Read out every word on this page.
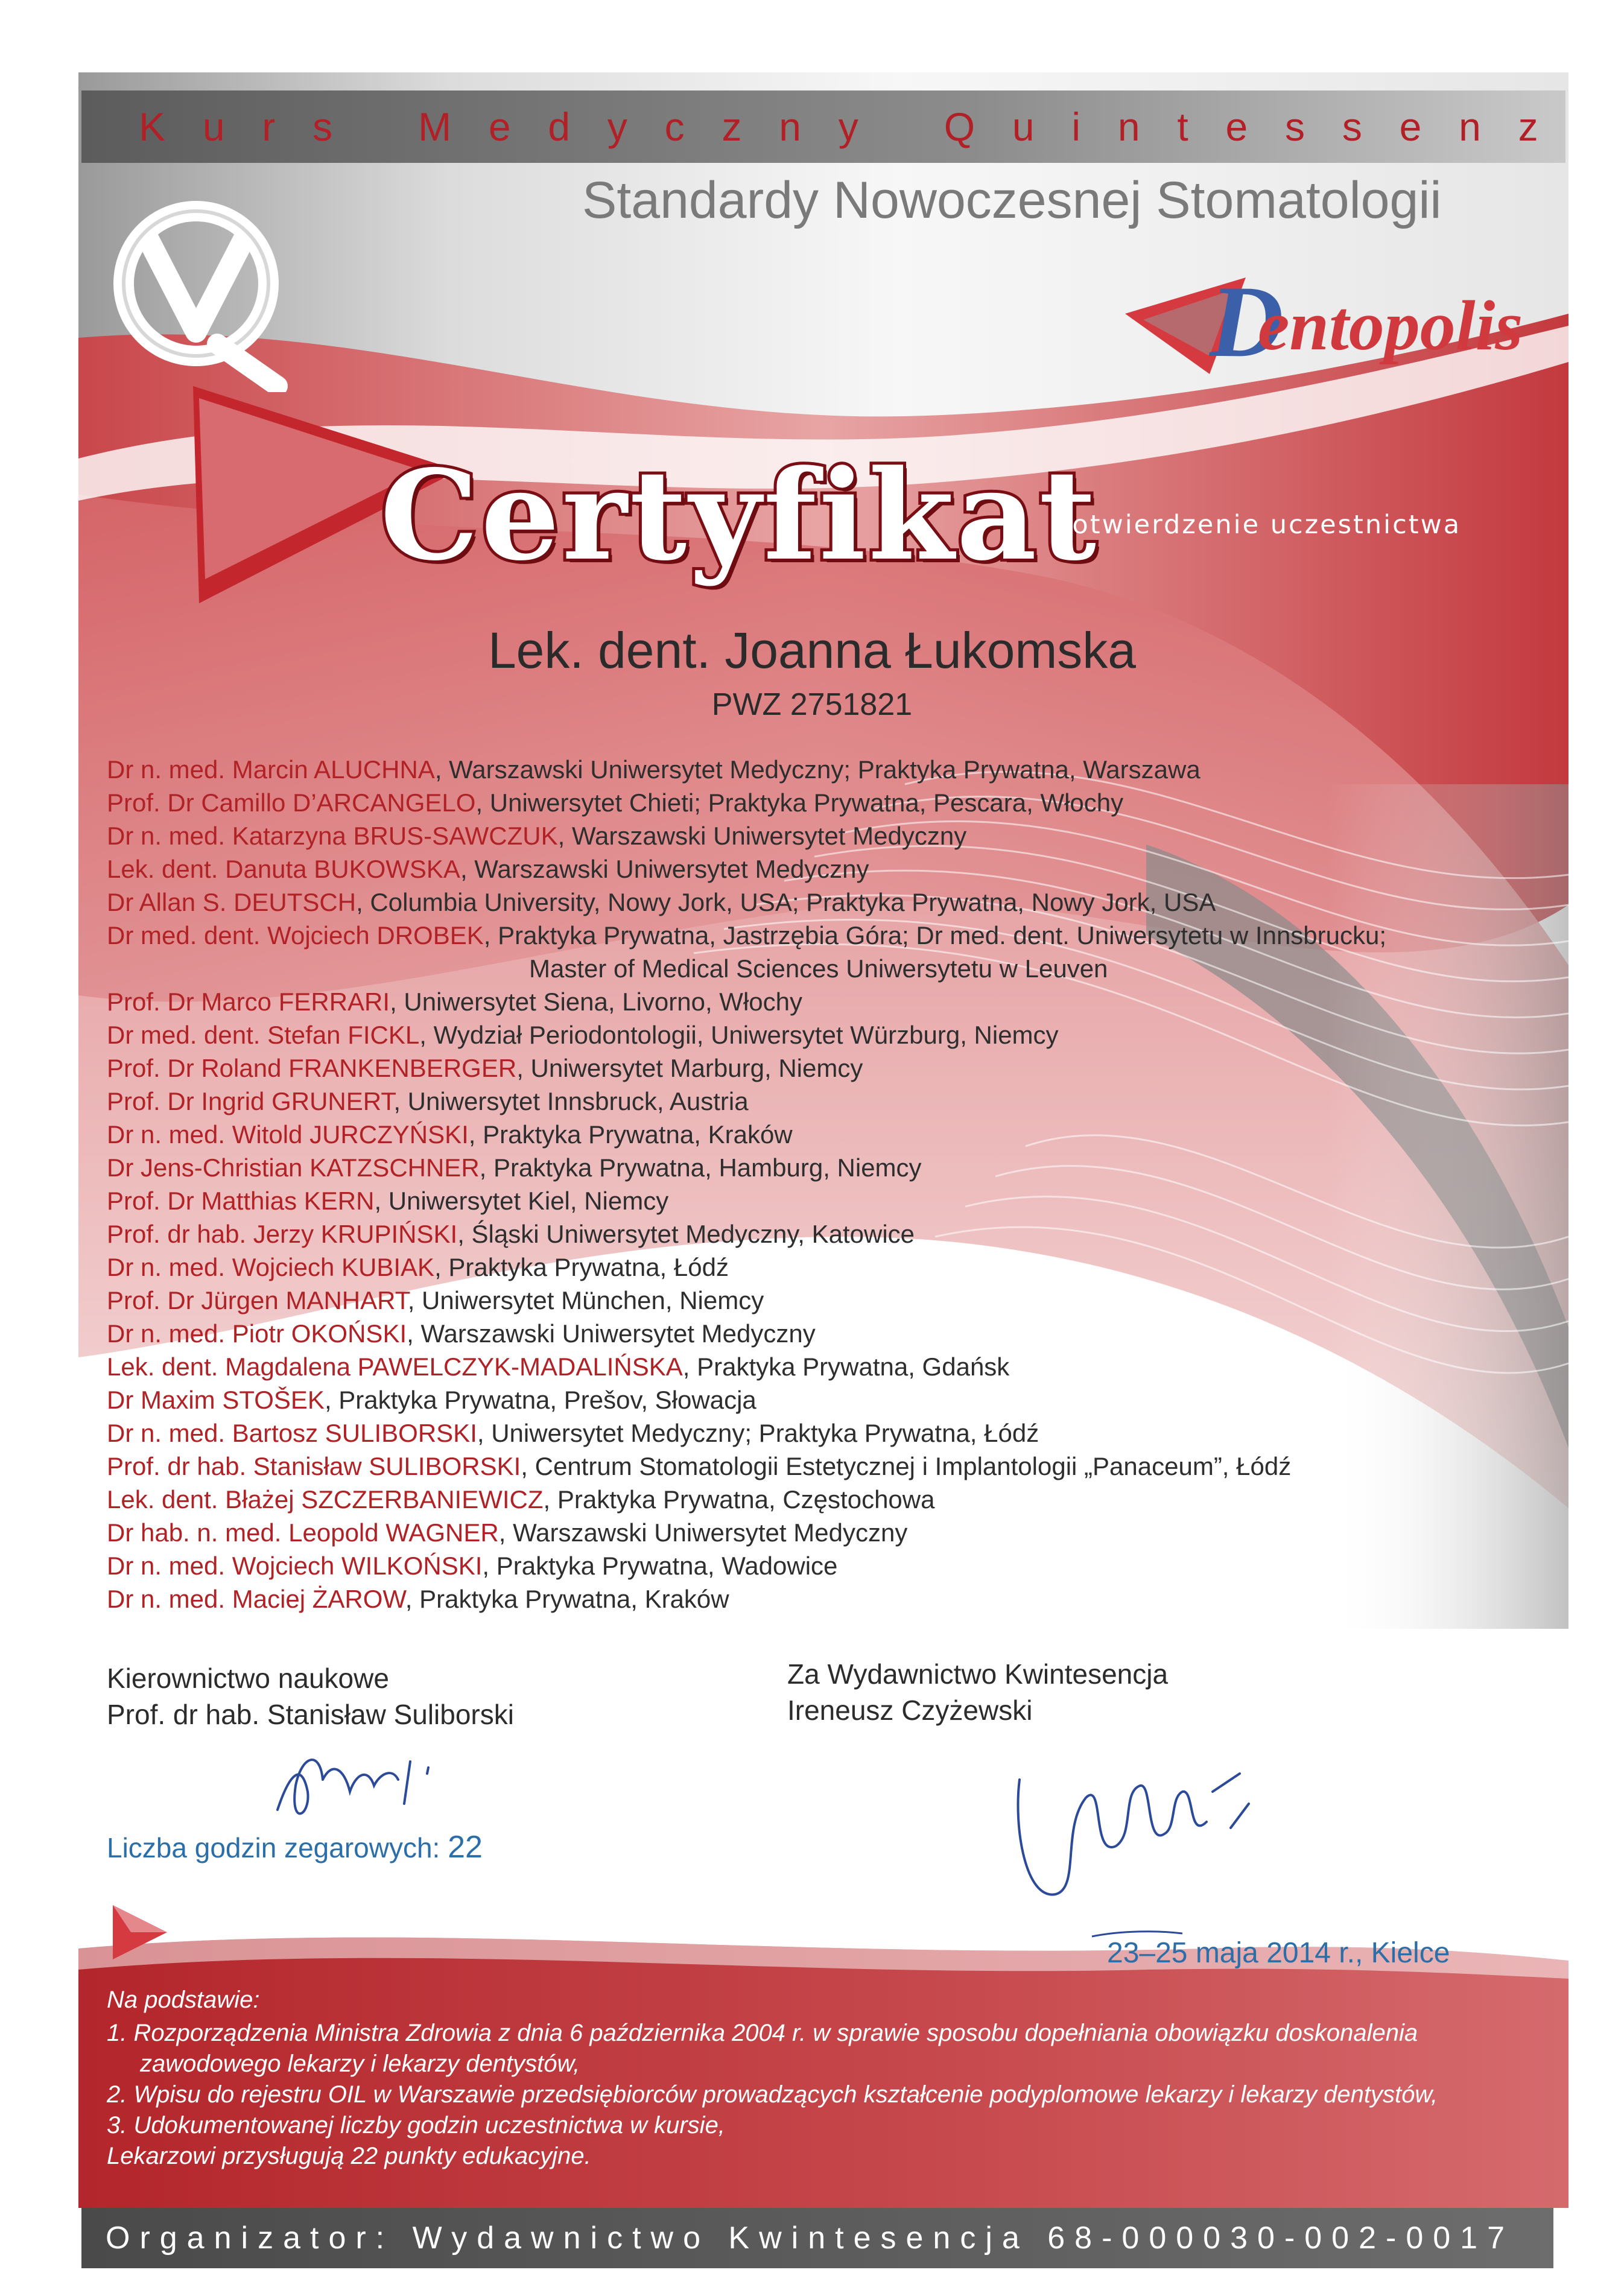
K u r s
M e d y c z n y
Q u i n t e s s e n z
Standardy Nowoczesnej Stomatologii
D
entopolis
Certyfikat
Potwierdzenie uczestnictwa
Lek. dent. Joanna Łukomska
PWZ 2751821
Dr n. med. Marcin ALUCHNA, Warszawski Uniwersytet Medyczny; Praktyka Prywatna, Warszawa
Prof. Dr Camillo D’ARCANGELO, Uniwersytet Chieti; Praktyka Prywatna, Pescara, Włochy
Dr n. med. Katarzyna BRUS-SAWCZUK, Warszawski Uniwersytet Medyczny
Lek. dent. Danuta BUKOWSKA, Warszawski Uniwersytet Medyczny
Dr Allan S. DEUTSCH, Columbia University, Nowy Jork, USA; Praktyka Prywatna, Nowy Jork, USA
Dr med. dent. Wojciech DROBEK, Praktyka Prywatna, Jastrzębia Góra; Dr med. dent. Uniwersytetu w Innsbrucku;
Master of Medical Sciences Uniwersytetu w Leuven
Prof. Dr Marco FERRARI, Uniwersytet Siena, Livorno, Włochy
Dr med. dent. Stefan FICKL, Wydział Periodontologii, Uniwersytet Würzburg, Niemcy
Prof. Dr Roland FRANKENBERGER, Uniwersytet Marburg, Niemcy
Prof. Dr Ingrid GRUNERT, Uniwersytet Innsbruck, Austria
Dr n. med. Witold JURCZYŃSKI, Praktyka Prywatna, Kraków
Dr Jens-Christian KATZSCHNER, Praktyka Prywatna, Hamburg, Niemcy
Prof. Dr Matthias KERN, Uniwersytet Kiel, Niemcy
Prof. dr hab. Jerzy KRUPIŃSKI, Śląski Uniwersytet Medyczny, Katowice
Dr n. med. Wojciech KUBIAK, Praktyka Prywatna, Łódź
Prof. Dr Jürgen MANHART, Uniwersytet München, Niemcy
Dr n. med. Piotr OKOŃSKI, Warszawski Uniwersytet Medyczny
Lek. dent. Magdalena PAWELCZYK-MADALIŃSKA, Praktyka Prywatna, Gdańsk
Dr Maxim STOŠEK, Praktyka Prywatna, Prešov, Słowacja
Dr n. med. Bartosz SULIBORSKI, Uniwersytet Medyczny; Praktyka Prywatna, Łódź
Prof. dr hab. Stanisław SULIBORSKI, Centrum Stomatologii Estetycznej i Implantologii „Panaceum”, Łódź
Lek. dent. Błażej SZCZERBANIEWICZ, Praktyka Prywatna, Częstochowa
Dr hab. n. med. Leopold WAGNER, Warszawski Uniwersytet Medyczny
Dr n. med. Wojciech WILKOŃSKI, Praktyka Prywatna, Wadowice
Dr n. med. Maciej ŻAROW, Praktyka Prywatna, Kraków
Kierownictwo naukowe
Prof. dr hab. Stanisław Suliborski
Za Wydawnictwo Kwintesencja
Ireneusz Czyżewski
Liczba godzin zegarowych: 22
23–25 maja 2014 r., Kielce
Na podstawie:
1. Rozporządzenia Ministra Zdrowia z dnia 6 października 2004 r. w sprawie sposobu dopełniania obowiązku doskonalenia
zawodowego lekarzy i lekarzy dentystów,
2. Wpisu do rejestru OIL w Warszawie przedsiębiorców prowadzących kształcenie podyplomowe lekarzy i lekarzy dentystów,
3. Udokumentowanej liczby godzin uczestnictwa w kursie,
Lekarzowi przysługują 22 punkty edukacyjne.
Organizator: Wydawnictwo Kwintesencja 68-000030-002-0017
